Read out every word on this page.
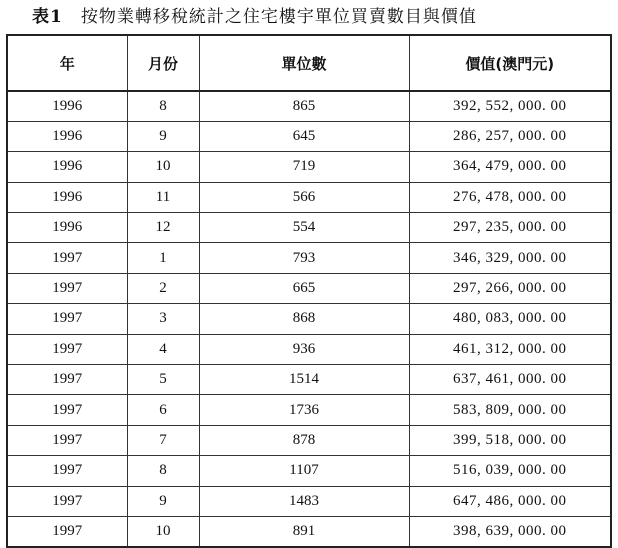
表1 按物業轉移稅統計之住宅樓宇單位買賣數目與價值
年	月份	單位數	價值(澳門元)
1996	8	865	392, 552, 000. 00
1996	9	645	286, 257, 000. 00
1996	10	719	364, 479, 000. 00
1996	11	566	276, 478, 000. 00
1996	12	554	297, 235, 000. 00
1997	1	793	346, 329, 000. 00
1997	2	665	297, 266, 000. 00
1997	3	868	480, 083, 000. 00
1997	4	936	461, 312, 000. 00
1997	5	1514	637, 461, 000. 00
1997	6	1736	583, 809, 000. 00
1997	7	878	399, 518, 000. 00
1997	8	1107	516, 039, 000. 00
1997	9	1483	647, 486, 000. 00
1997	10	891	398, 639, 000. 00
